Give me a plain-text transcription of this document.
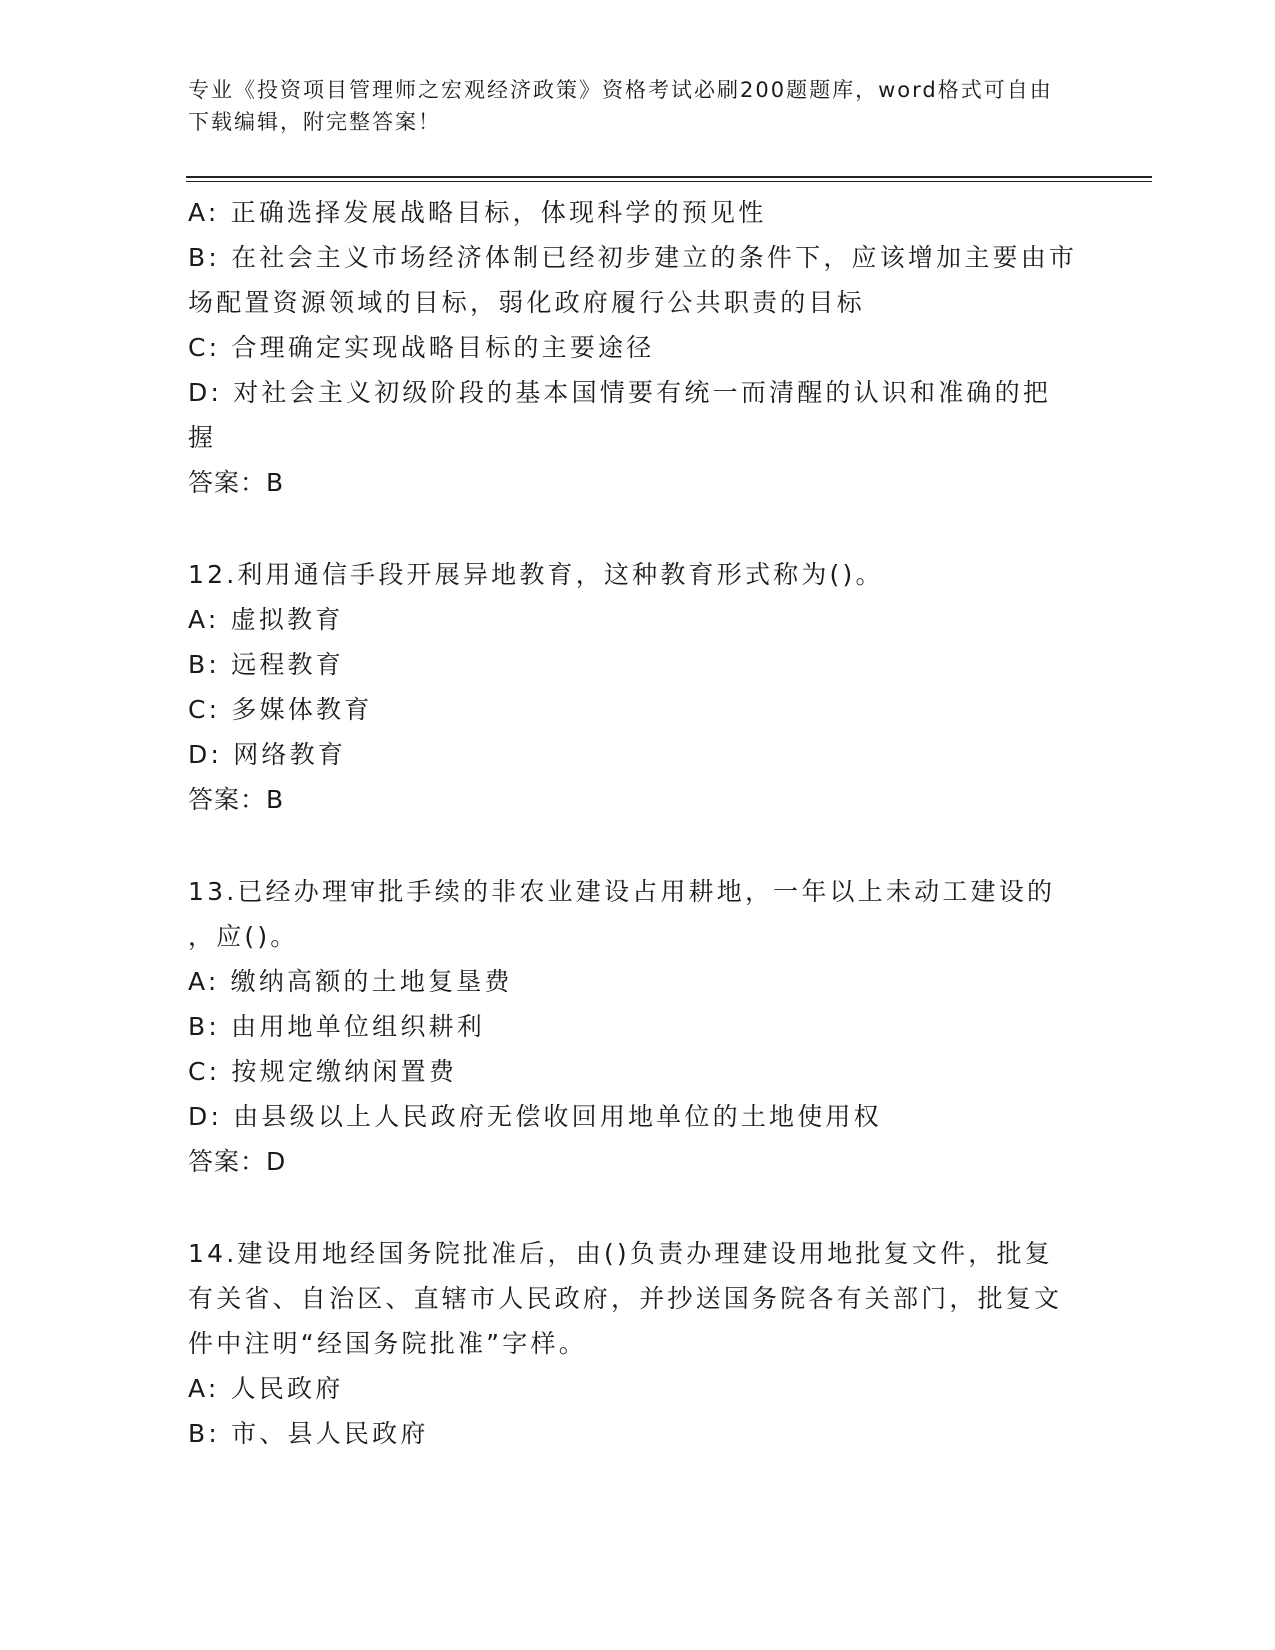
专业《投资项目管理师之宏观经济政策》资格考试必刷200题题库，word格式可自由下载编辑，附完整答案！
A: 正确选择发展战略目标，体现科学的预见性
B: 在社会主义市场经济体制已经初步建立的条件下，应该增加主要由市场配置资源领域的目标，弱化政府履行公共职责的目标
C: 合理确定实现战略目标的主要途径
D: 对社会主义初级阶段的基本国情要有统一而清醒的认识和准确的把握
答案：B
12.利用通信手段开展异地教育，这种教育形式称为()。
A: 虚拟教育
B: 远程教育
C: 多媒体教育
D: 网络教育
答案：B
13.已经办理审批手续的非农业建设占用耕地，一年以上未动工建设的
，应()。
A: 缴纳高额的土地复垦费
B: 由用地单位组织耕利
C: 按规定缴纳闲置费
D: 由县级以上人民政府无偿收回用地单位的土地使用权
答案：D
14.建设用地经国务院批准后，由()负责办理建设用地批复文件，批复有关省、自治区、直辖市人民政府，并抄送国务院各有关部门，批复文件中注明“经国务院批准”字样。
A: 人民政府
B: 市、县人民政府
